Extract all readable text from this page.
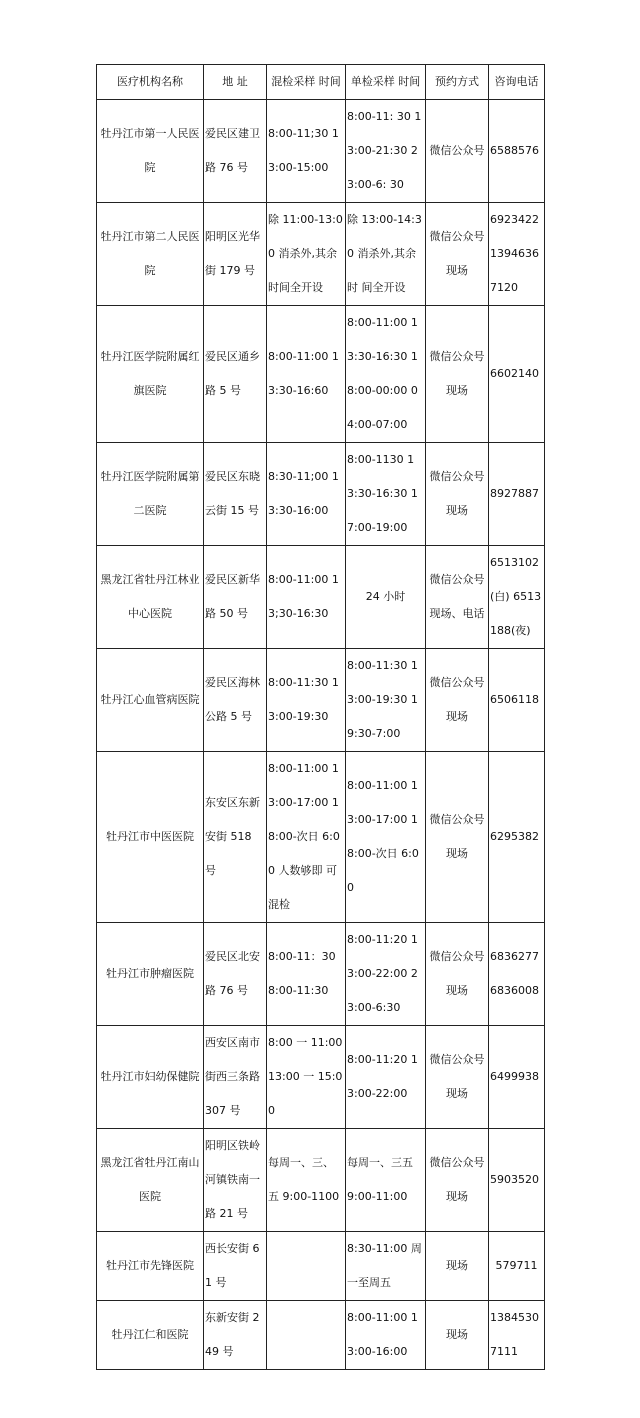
医疗机构名称	地 址	混检采样 时间	单检采样 时间	预约方式	咨询电话
牡丹江市第一人民医院	爱民区建卫路 76 号	8:00-11;30 13:00-15:00	8:00-11: 30 13:00-21:30 23:00-6: 30	微信公众号	6588576
牡丹江市第二人民医院	阳明区光华街 179 号	除 11:00-13:00 消杀外,其余时间全开设	除 13:00-14:30 消杀外,其余时 间全开设	微信公众号现场	6923422 13946367120
牡丹江医学院附属红旗医院	爱民区通乡路 5 号	8:00-11:00 13:30-16:60	8:00-11:00 13:30-16:30 18:00-00:00 04:00-07:00	微信公众号现场	6602140
牡丹江医学院附属第二医院	爱民区东晓云街 15 号	8:30-11;00 13:30-16:00	8:00-1130 13:30-16:30 17:00-19:00	微信公众号现场	8927887
黑龙江省牡丹江林业中心医院	爱民区新华路 50 号	8:00-11:00 13;30-16:30	24 小时	微信公众号现场、电话	6513102(白) 6513188(夜)
牡丹江心血管病医院	爱民区海林公路 5 号	8:00-11:30 13:00-19:30	8:00-11:30 13:00-19:30 19:30-7:00	微信公众号现场	6506118
牡丹江市中医医院	东安区东新安街 518 号	8:00-11:00 13:00-17:00 18:00-次日 6:00 人数够即 可混检	8:00-11:00 13:00-17:00 18:00-次日 6:00	微信公众号现场	6295382
牡丹江市肿瘤医院	爱民区北安路 76 号	8:00-11：30 8:00-11:30	8:00-11:20 13:00-22:00 23:00-6:30	微信公众号现场	6836277 6836008
牡丹江市妇幼保健院	西安区南市街西三条路 307 号	8:00 一 11:00 13:00 一 15:00	8:00-11:20 13:00-22:00	微信公众号现场	6499938
黑龙江省牡丹江南山医院	阳明区铁岭河镇铁南一 路 21 号	每周一、三、五 9:00-1100	每周一、三五 9:00-11:00	微信公众号现场	5903520
牡丹江市先锋医院	西长安街 61 号		8:30-11:00 周一至周五	现场	579711
牡丹江仁和医院	东新安街 249 号		8:00-11:00 13:00-16:00	现场	13845307111
